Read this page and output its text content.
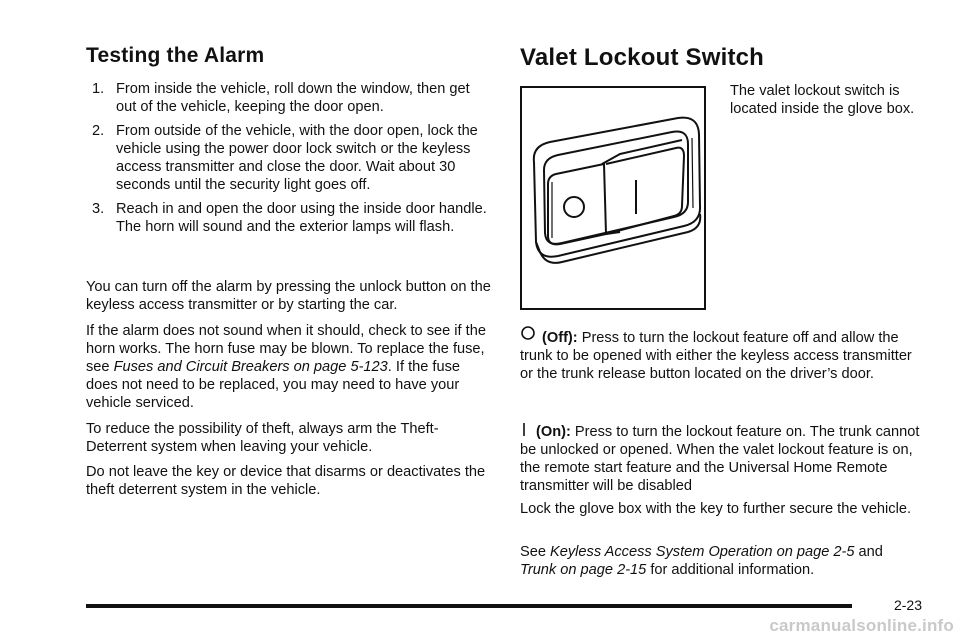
Testing the Alarm
1. From inside the vehicle, roll down the window, then get out of the vehicle, keeping the door open.
2. From outside of the vehicle, with the door open, lock the vehicle using the power door lock switch or the keyless access transmitter and close the door. Wait about 30 seconds until the security light goes off.
3. Reach in and open the door using the inside door handle. The horn will sound and the exterior lamps will flash.

You can turn off the alarm by pressing the unlock button on the keyless access transmitter or by starting the car.

If the alarm does not sound when it should, check to see if the horn works. The horn fuse may be blown. To replace the fuse, see Fuses and Circuit Breakers on page 5-123. If the fuse does not need to be replaced, you may need to have your vehicle serviced.

To reduce the possibility of theft, always arm the Theft-Deterrent system when leaving your vehicle.

Do not leave the key or device that disarms or deactivates the theft deterrent system in the vehicle.

Valet Lockout Switch

The valet lockout switch is located inside the glove box.

(Off): Press to turn the lockout feature off and allow the trunk to be opened with either the keyless access transmitter or the trunk release button located on the driver’s door.

(On): Press to turn the lockout feature on. The trunk cannot be unlocked or opened. When the valet lockout feature is on, the remote start feature and the Universal Home Remote transmitter will be disabled

Lock the glove box with the key to further secure the vehicle.

See Keyless Access System Operation on page 2-5 and Trunk on page 2-15 for additional information.

2-23
carmanualsonline.info
